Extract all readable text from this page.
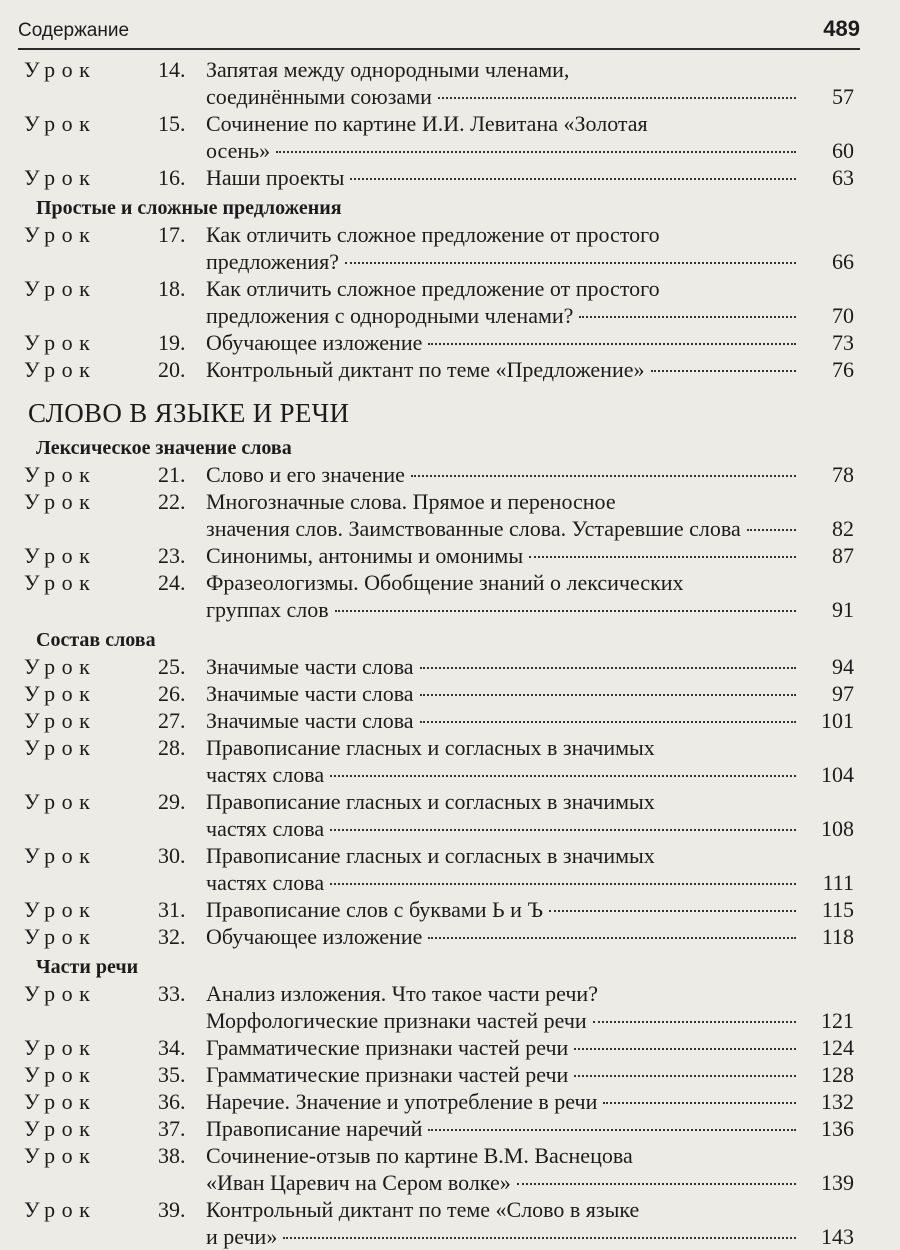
Содержание	489
Урок	14. Запятая между однородными членами,
соединёнными союзами	57
Урок	15. Сочинение по картине И.И. Левитана «Золотая
осень»	60
Урок	16. Наши проекты	63
Простые и сложные предложения
Урок	17. Как отличить сложное предложение от простого
предложения?	66
Урок	18. Как отличить сложное предложение от простого
предложения с однородными членами?	70
Урок	19. Обучающее изложение	73
Урок	20. Контрольный диктант по теме «Предложение»	76
СЛОВО В ЯЗЫКЕ И РЕЧИ
Лексическое значение слова
Урок	21. Слово и его значение	78
Урок	22. Многозначные слова. Прямое и переносное
значения слов. Заимствованные слова. Устаревшие слова	82
Урок	23. Синонимы, антонимы и омонимы	87
Урок	24. Фразеологизмы. Обобщение знаний о лексических
группах слов	91
Состав слова
Урок	25. Значимые части слова	94
Урок	26. Значимые части слова	97
Урок	27. Значимые части слова	101
Урок	28. Правописание гласных и согласных в значимых
частях слова	104
Урок	29. Правописание гласных и согласных в значимых
частях слова	108
Урок	30. Правописание гласных и согласных в значимых
частях слова	111
Урок	31. Правописание слов с буквами Ь и Ъ	115
Урок	32. Обучающее изложение	118
Части речи
Урок	33. Анализ изложения. Что такое части речи?
Морфологические признаки частей речи	121
Урок	34. Грамматические признаки частей речи	124
Урок	35. Грамматические признаки частей речи	128
Урок	36. Наречие. Значение и употребление в речи	132
Урок	37. Правописание наречий	136
Урок	38. Сочинение-отзыв по картине В.М. Васнецова
«Иван Царевич на Сером волке»	139
Урок	39. Контрольный диктант по теме «Слово в языке
и речи»	143
